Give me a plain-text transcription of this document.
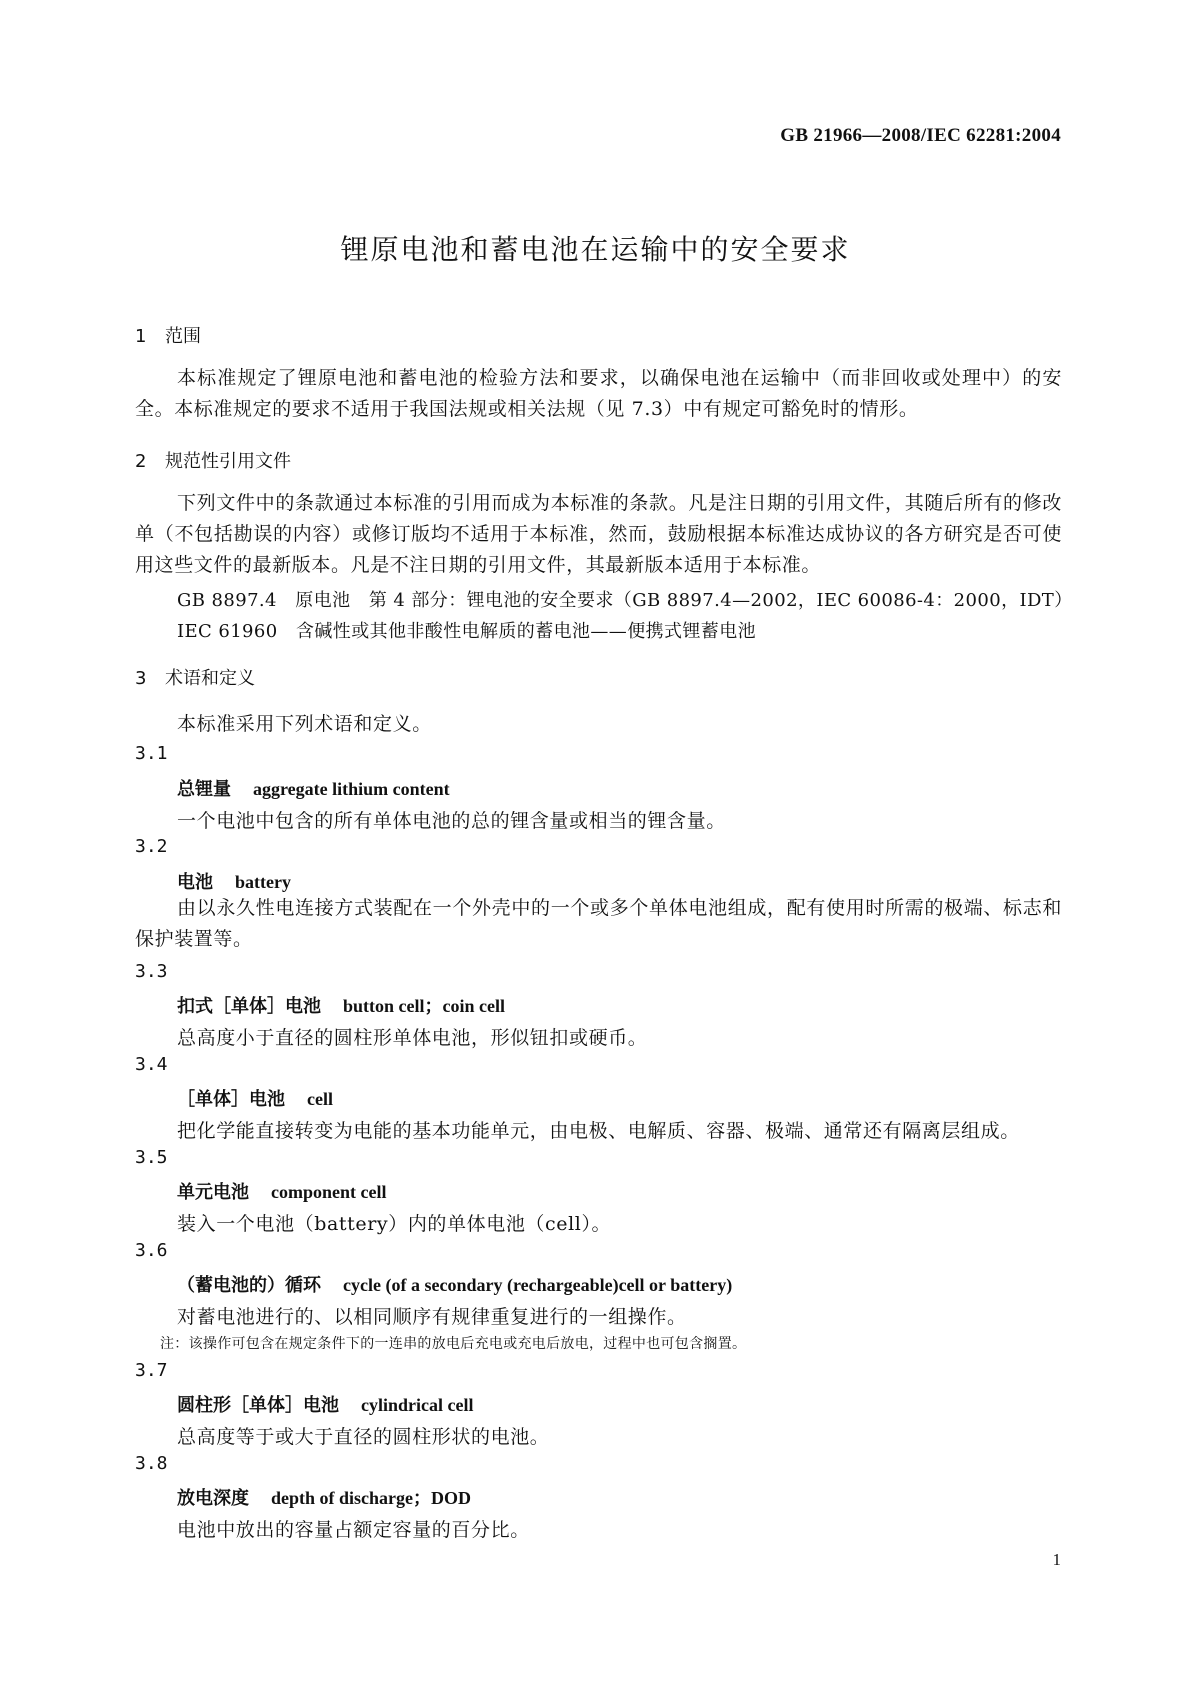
GB 21966—2008/IEC 62281:2004
锂原电池和蓄电池在运输中的安全要求
1 范围
本标准规定了锂原电池和蓄电池的检验方法和要求，以确保电池在运输中（而非回收或处理中）的安全。本标准规定的要求不适用于我国法规或相关法规（见 7.3）中有规定可豁免时的情形。
2 规范性引用文件
下列文件中的条款通过本标准的引用而成为本标准的条款。凡是注日期的引用文件，其随后所有的修改单（不包括勘误的内容）或修订版均不适用于本标准，然而，鼓励根据本标准达成协议的各方研究是否可使用这些文件的最新版本。凡是不注日期的引用文件，其最新版本适用于本标准。
GB 8897.4　原电池　第 4 部分：锂电池的安全要求（GB 8897.4—2002，IEC 60086-4：2000，IDT）
IEC 61960　含碱性或其他非酸性电解质的蓄电池——便携式锂蓄电池
3 术语和定义
本标准采用下列术语和定义。
3.1
总锂量 aggregate lithium content
一个电池中包含的所有单体电池的总的锂含量或相当的锂含量。
3.2
电池 battery
由以永久性电连接方式装配在一个外壳中的一个或多个单体电池组成，配有使用时所需的极端、标志和保护装置等。
3.3
扣式［单体］电池 button cell；coin cell
总高度小于直径的圆柱形单体电池，形似钮扣或硬币。
3.4
［单体］电池 cell
把化学能直接转变为电能的基本功能单元，由电极、电解质、容器、极端、通常还有隔离层组成。
3.5
单元电池 component cell
装入一个电池（battery）内的单体电池（cell）。
3.6
（蓄电池的）循环 cycle (of a secondary (rechargeable)cell or battery)
对蓄电池进行的、以相同顺序有规律重复进行的一组操作。
注：该操作可包含在规定条件下的一连串的放电后充电或充电后放电，过程中也可包含搁置。
3.7
圆柱形［单体］电池 cylindrical cell
总高度等于或大于直径的圆柱形状的电池。
3.8
放电深度 depth of discharge；DOD
电池中放出的容量占额定容量的百分比。
1
